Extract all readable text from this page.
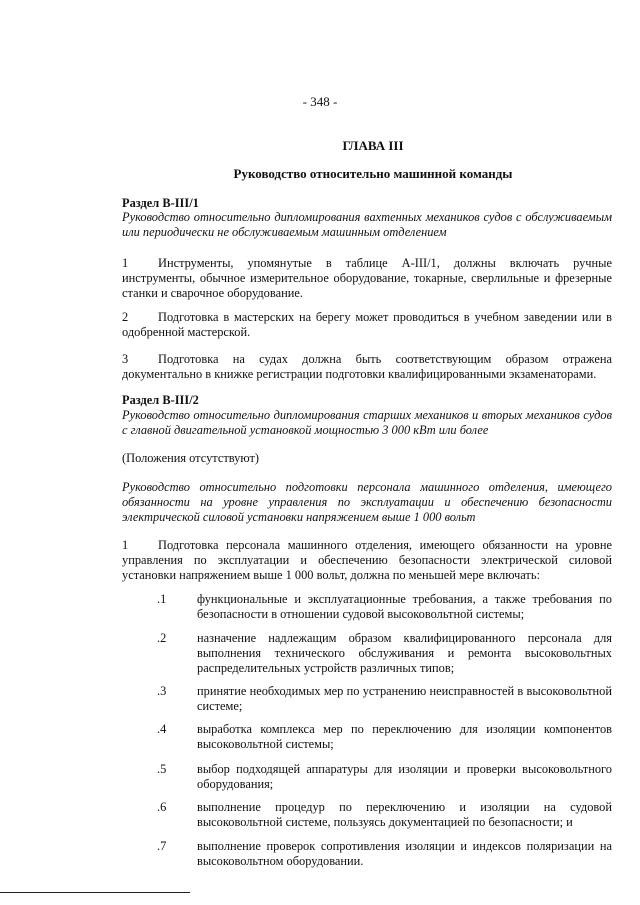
- 348 -
ГЛАВА III
Руководство относительно машинной команды
Раздел B-III/1
Руководство относительно дипломирования вахтенных механиков судов с обслуживаемым или периодически не обслуживаемым машинным отделением
1 Инструменты, упомянутые в таблице A-III/1, должны включать ручные инструменты, обычное измерительное оборудование, токарные, сверлильные и фрезерные станки и сварочное оборудование.
2 Подготовка в мастерских на берегу может проводиться в учебном заведении или в одобренной мастерской.
3 Подготовка на судах должна быть соответствующим образом отражена документально в книжке регистрации подготовки квалифицированными экзаменаторами.
Раздел B-III/2
Руководство относительно дипломирования старших механиков и вторых механиков судов с главной двигательной установкой мощностью 3 000 кВт или более
(Положения отсутствуют)
Руководство относительно подготовки персонала машинного отделения, имеющего обязанности на уровне управления по эксплуатации и обеспечению безопасности электрической силовой установки напряжением выше 1 000 вольт
1 Подготовка персонала машинного отделения, имеющего обязанности на уровне управления по эксплуатации и обеспечению безопасности электрической силовой установки напряжением выше 1 000 вольт, должна по меньшей мере включать:
.1	функциональные и эксплуатационные требования, а также требования по безопасности в отношении судовой высоковольтной системы;
.2	назначение надлежащим образом квалифицированного персонала для выполнения технического обслуживания и ремонта высоковольтных распределительных устройств различных типов;
.3	принятие необходимых мер по устранению неисправностей в высоковольтной системе;
.4	выработка комплекса мер по переключению для изоляции компонентов высоковольтной системы;
.5	выбор подходящей аппаратуры для изоляции и проверки высоковольтного оборудования;
.6	выполнение процедур по переключению и изоляции на судовой высоковольтной системе, пользуясь документацией по безопасности; и
.7	выполнение проверок сопротивления изоляции и индексов поляризации на высоковольтном оборудовании.
